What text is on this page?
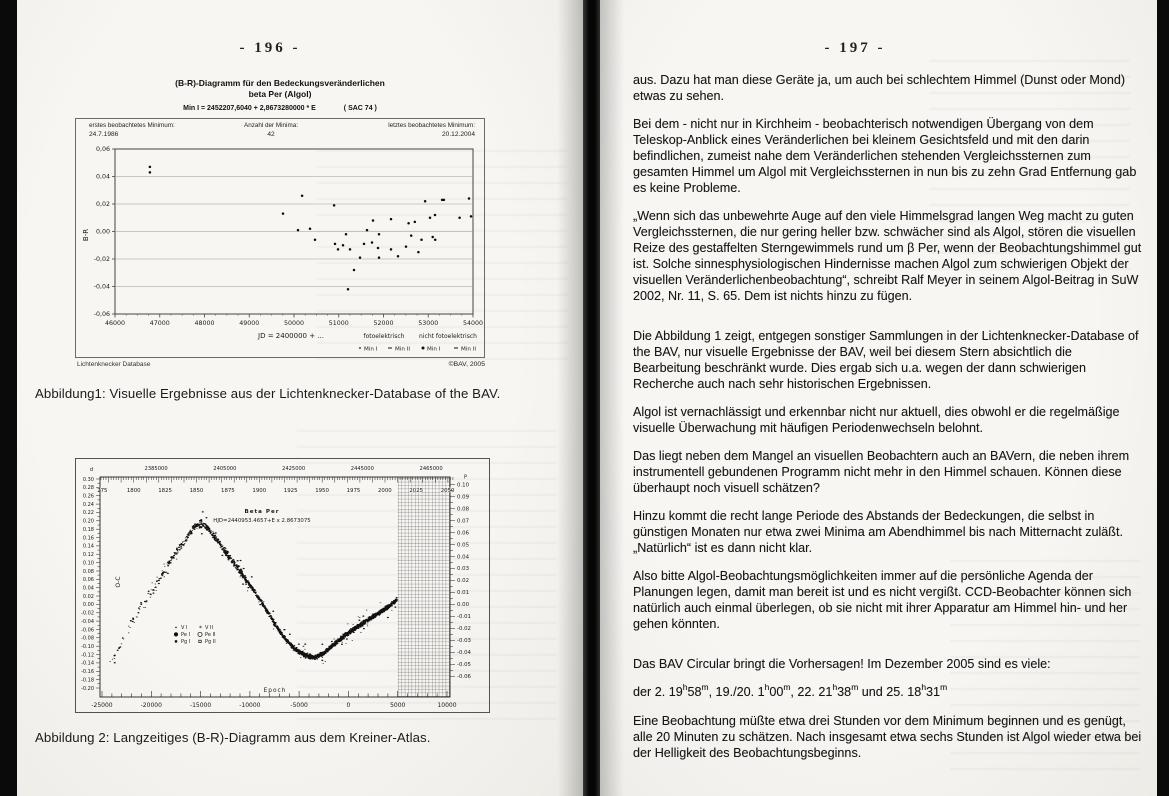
- 196 -
(B-R)-Diagramm für den Bedeckungsveränderlichen
beta Per (Algol)
Min I = 2452207,6040 + 2,8673280000 * E	( SAC 74 )
0,06
0,04
0,02
0,00
-0,02
-0,04
-0,06
46000	47000	48000	49000	50000	51000	52000	53000	54000
B-R
JD = 2400000 + ...	fotoelektrisch nicht fotoelektrisch
Min I	Min II	Min I	Min II
erstes beobachtetes Minimum:
24.7.1986
Anzahl der Minima:
42
letztes beobachtetes Minimum:
20.12.2004
Lichtenknecker Database	©BAV, 2005
Abbildung1: Visuelle Ergebnisse aus der Lichtenknecker-Database of the BAV.
2385000	2405000	2425000	2445000	2465000
775	1800	1825	1850	1875	1900	1925	1950	1975	2000	2025	2050
0.30
0.28
0.26
0.24
0.22
0.20
0.18
0.16
0.14
0.12
0.10
0.08
0.06
0.04
0.02
0.00
-0.02
-0.04
-0.06
-0.08
-0.10
-0.12
-0.14
-0.16
-0.18
-0.20
d
0.10
0.09
0.08
0.07
0.06
0.05
0.04
0.03
0.02
0.01
0.00
-0.01
-0.02
-0.03
-0.04
-0.05
-0.06
P
-25000	-20000	-15000	-10000	-5000	0	5000	10000
Beta Per
HJD=2440953.4657+E x 2.8673075
O-C
Epoch
V I * V II
Pe I	Pe II
Pg I	Pg II
Abbildung 2: Langzeitiges (B-R)-Diagramm aus dem Kreiner-Atlas.
- 197 -

aus. Dazu hat man diese Geräte ja, um auch bei schlechtem Himmel (Dunst oder Mond) etwas zu sehen.

Bei dem - nicht nur in Kirchheim - beobachterisch notwendigen Übergang von dem Teleskop-Anblick eines Veränderlichen bei kleinem Gesichtsfeld und mit den darin befindlichen, zumeist nahe dem Veränderlichen stehenden Vergleichssternen zum gesamten Himmel um Algol mit Vergleichssternen in nun bis zu zehn Grad Entfernung gab es keine Probleme.

„Wenn sich das unbewehrte Auge auf den viele Himmelsgrad langen Weg macht zu guten Vergleichssternen, die nur gering heller bzw. schwächer sind als Algol, stören die visuellen Reize des gestaffelten Sterngewimmels rund um β Per, wenn der Beobachtungshimmel gut ist. Solche sinnesphysiologischen Hindernisse machen Algol zum schwierigen Objekt der visuellen Veränderlichenbeobachtung“, schreibt Ralf Meyer in seinem Algol-Beitrag in SuW 2002, Nr. 11, S. 65. Dem ist nichts hinzu zu fügen.

Die Abbildung 1 zeigt, entgegen sonstiger Sammlungen in der Lichtenknecker-Database of the BAV, nur visuelle Ergebnisse der BAV, weil bei diesem Stern absichtlich die Bearbeitung beschränkt wurde. Dies ergab sich u.a. wegen der dann schwierigen Recherche auch nach sehr historischen Ergebnissen.

Algol ist vernachlässigt und erkennbar nicht nur aktuell, dies obwohl er die regelmäßige visuelle Überwachung mit häufigen Periodenwechseln belohnt.

Das liegt neben dem Mangel an visuellen Beobachtern auch an BAVern, die neben ihrem instrumentell gebundenen Programm nicht mehr in den Himmel schauen. Können diese überhaupt noch visuell schätzen?

Hinzu kommt die recht lange Periode des Abstands der Bedeckungen, die selbst in günstigen Monaten nur etwa zwei Minima am Abendhimmel bis nach Mitternacht zuläßt. „Natürlich“ ist es dann nicht klar.

Also bitte Algol-Beobachtungsmöglichkeiten immer auf die persönliche Agenda der Planungen legen, damit man bereit ist und es nicht vergißt. CCD-Beobachter können sich natürlich auch einmal überlegen, ob sie nicht mit ihrer Apparatur am Himmel hin- und her gehen könnten.

Das BAV Circular bringt die Vorhersagen! Im Dezember 2005 sind es viele:

der 2. 19$^h$58$^m$, 19./20. 1$^h$00$^m$, 22. 21$^h$38$^m$ und 25. 18$^h$31$^m$

Eine Beobachtung müßte etwa drei Stunden vor dem Minimum beginnen und es genügt, alle 20 Minuten zu schätzen. Nach insgesamt etwa sechs Stunden ist Algol wieder etwa bei der Helligkeit des Beobachtungsbeginns.
